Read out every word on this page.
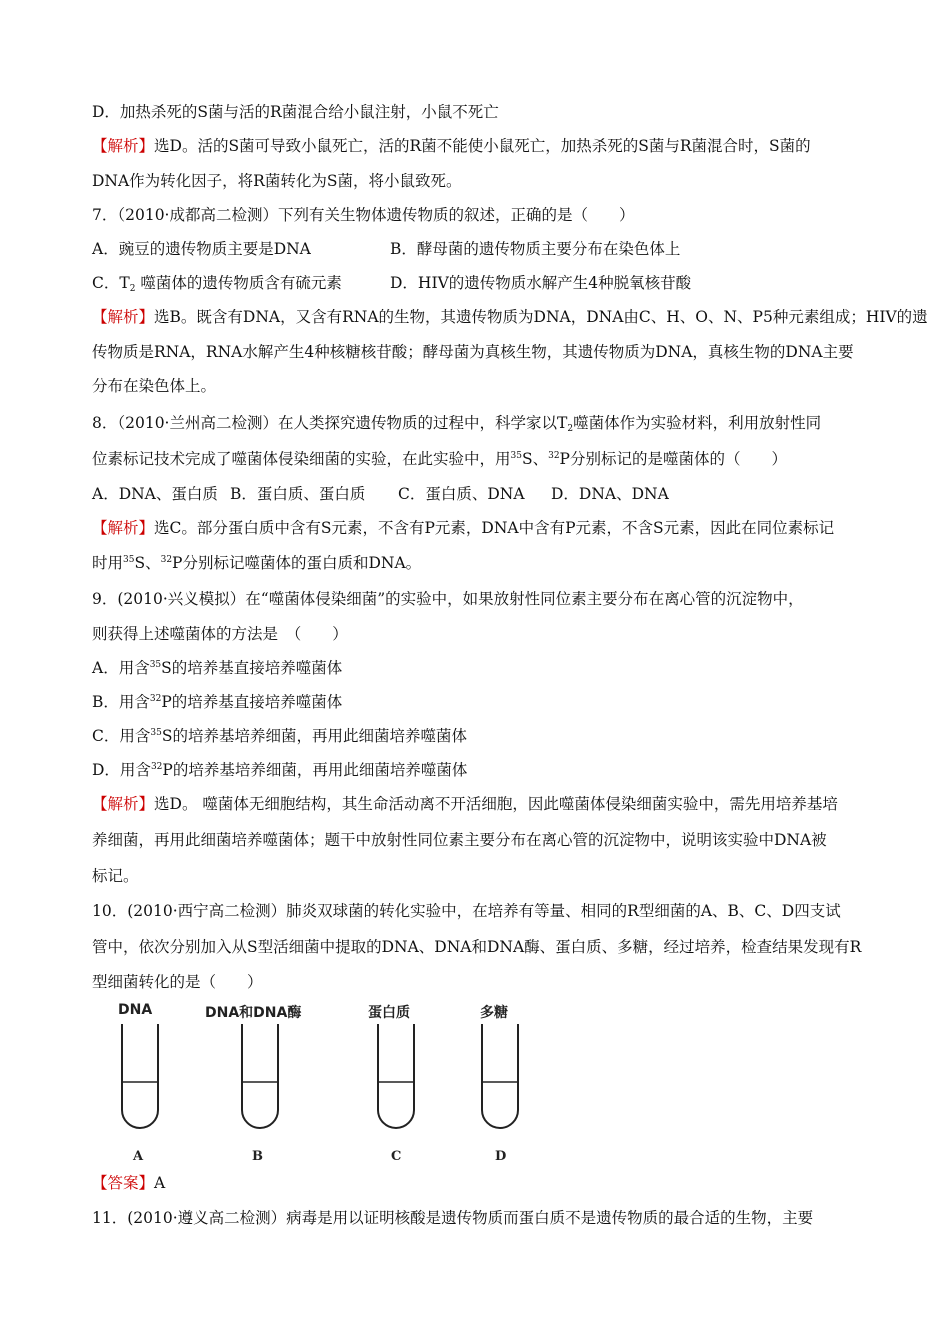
D．加热杀死的S菌与活的R菌混合给小鼠注射，小鼠不死亡
【解析】选D。活的S菌可导致小鼠死亡，活的R菌不能使小鼠死亡，加热杀死的S菌与R菌混合时，S菌的
DNA作为转化因子，将R菌转化为S菌，将小鼠致死。
7．（2010·成都高二检测）下列有关生物体遗传物质的叙述，正确的是（　　）
A．豌豆的遗传物质主要是DNA	B．酵母菌的遗传物质主要分布在染色体上
C．$T_2$ 噬菌体的遗传物质含有硫元素	D．HIV的遗传物质水解产生4种脱氧核苷酸
【解析】选B。既含有DNA，又含有RNA的生物，其遗传物质为DNA，DNA由C、H、O、N、P5种元素组成；HIV的遗
传物质是RNA，RNA水解产生4种核糖核苷酸；酵母菌为真核生物，其遗传物质为DNA，真核生物的DNA主要
分布在染色体上。
8．（2010·兰州高二检测）在人类探究遗传物质的过程中，科学家以$T_2$噬菌体作为实验材料，利用放射性同
位素标记技术完成了噬菌体侵染细菌的实验，在此实验中，用$^{35}$S、$^{32}$P分别标记的是噬菌体的（　　）
A．DNA、蛋白质 B．蛋白质、蛋白质 C．蛋白质、DNA D．DNA、DNA
【解析】选C。部分蛋白质中含有S元素，不含有P元素，DNA中含有P元素，不含S元素，因此在同位素标记
时用$^{35}$S、$^{32}$P分别标记噬菌体的蛋白质和DNA。
9．(2010·兴义模拟）在“噬菌体侵染细菌”的实验中，如果放射性同位素主要分布在离心管的沉淀物中，
则获得上述噬菌体的方法是　（　　）
A．用含$^{35}$S的培养基直接培养噬菌体
B．用含$^{32}$P的培养基直接培养噬菌体
C．用含$^{35}$S的培养基培养细菌，再用此细菌培养噬菌体
D．用含$^{32}$P的培养基培养细菌，再用此细菌培养噬菌体
【解析】选D。 噬菌体无细胞结构，其生命活动离不开活细胞，因此噬菌体侵染细菌实验中，需先用培养基培
养细菌，再用此细菌培养噬菌体；题干中放射性同位素主要分布在离心管的沉淀物中，说明该实验中DNA被
标记。
10．(2010·西宁高二检测）肺炎双球菌的转化实验中，在培养有等量、相同的R型细菌的A、B、C、D四支试
管中，依次分别加入从S型活细菌中提取的DNA、DNA和DNA酶、蛋白质、多糖，经过培养，检查结果发现有R
型细菌转化的是（　　）
DNA
A
DNA和DNA酶
B
蛋白质
C
多糖
D
【答案】A
11．(2010·遵义高二检测）病毒是用以证明核酸是遗传物质而蛋白质不是遗传物质的最合适的生物，主要
